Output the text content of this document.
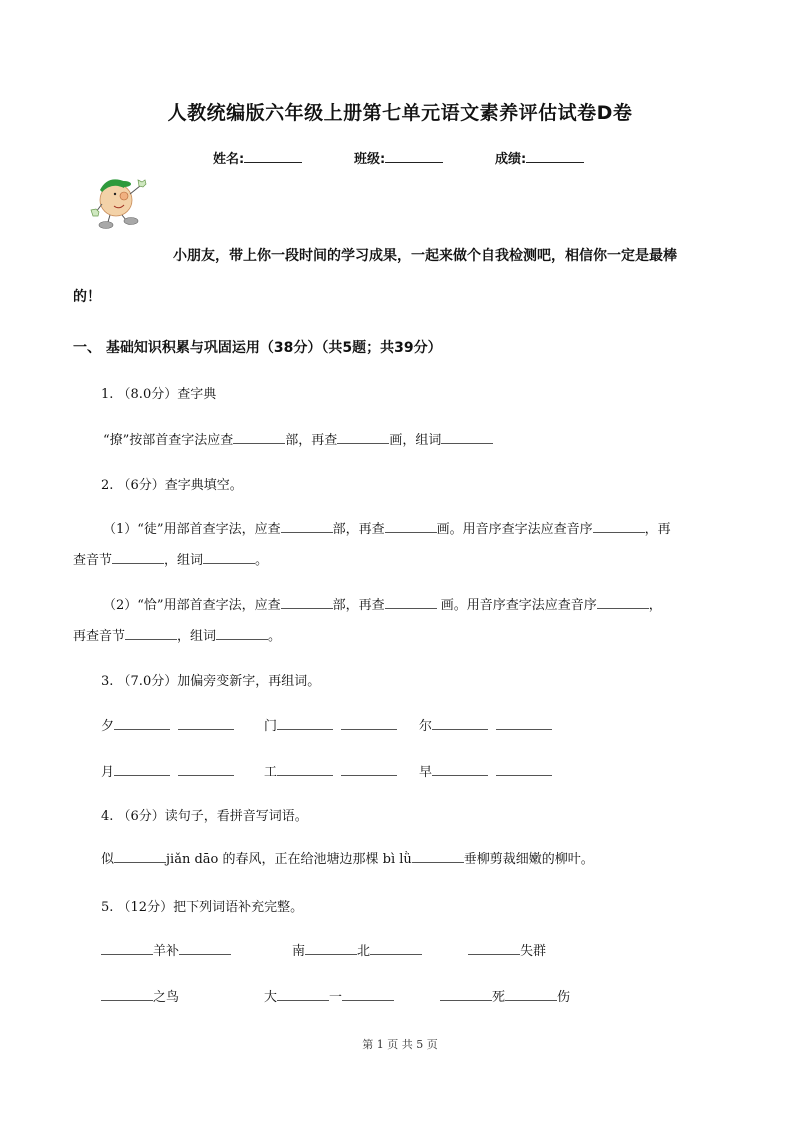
人教统编版六年级上册第七单元语文素养评估试卷D卷
姓名:	班级:	成绩:
小朋友，带上你一段时间的学习成果，一起来做个自我检测吧，相信你一定是最棒
的！
一、 基础知识积累与巩固运用（38分）（共5题；共39分）
1. （8.0分）查字典
“撩”按部首查字法应查	部，再查	画，组词
2. （6分）查字典填空。
（1）“徒”用部首查字法，应查	部，再查	画。用音序查字法应查音序	，再
查音节	，组词	。
（2）“恰”用部首查字法，应查	部，再查	画。用音序查字法应查音序	，
再查音节	，组词	。
3. （7.0分）加偏旁变新字，再组词。
夕	门	尔
月	工	早
4. （6分）读句子，看拼音写词语。
似	jiǎn dāo 的春风，正在给池塘边那棵 bì lǜ	垂柳剪裁细嫩的柳叶。
5. （12分）把下列词语补充完整。
羊补	南	北	失群
之鸟	大	一	死	伤
第 1 页 共 5 页
